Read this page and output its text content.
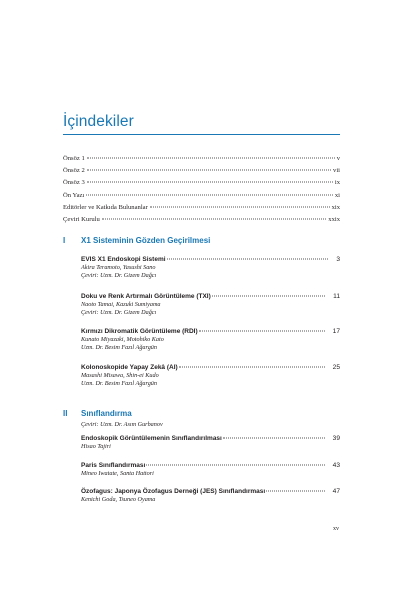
İçindekiler
Önsöz 1	v
Önsöz 2	vii
Önsöz 3	ix
Ön Yazı	xi
Editörler ve Katkıda Bulunanlar	xix
Çeviri Kurulu	xxix
I	X1 Sisteminin Gözden Geçirilmesi
EVIS X1 Endoskopi Sistemi	3
Akira Teramoto, Yasushi Sano
Çeviri: Uzm. Dr. Gizem Dağcı
Doku ve Renk Artırmalı Görüntüleme (TXI)	11
Naoto Tamai, Kazuki Sumiyama
Çeviri: Uzm. Dr. Gizem Dağcı
Kırmızı Dikromatik Görüntüleme (RDI)	17
Kunato Miyazaki, Motohiko Kato
Uzm. Dr. Besim Fazıl Ağargün
Kolonoskopide Yapay Zekâ (AI)	25
Masashi Misawa, Shin-ei Kudo
Uzm. Dr. Besim Fazıl Ağargün
II	Sınıflandırma
Çeviri: Uzm. Dr. Asım Gurbanov
Endoskopik Görüntülemenin Sınıflandırılması	39
Hisao Tajiri
Paris Sınıflandırması	43
Mineo Iwatate, Santa Hattori
Özofagus: Japonya Özofagus Derneği (JES) Sınıflandırması	47
Kenichi Goda, Tsuneo Oyama
xv
